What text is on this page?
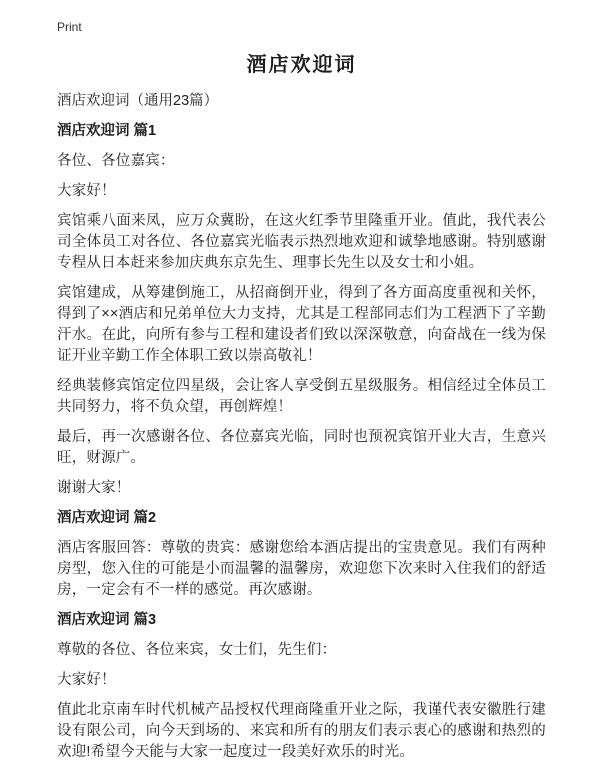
Print
酒店欢迎词
酒店欢迎词（通用23篇）
酒店欢迎词 篇1

各位、各位嘉宾：

大家好！

宾馆乘八面来凤，应万众冀盼，在这火红季节里隆重开业。值此，我代表公司全体员工对各位、各位嘉宾光临表示热烈地欢迎和诚挚地感谢。特别感谢专程从日本赶来参加庆典东京先生、理事长先生以及女士和小姐。

宾馆建成，从筹建倒施工，从招商倒开业，得到了各方面高度重视和关怀，得到了××酒店和兄弟单位大力支持，尤其是工程部同志们为工程洒下了辛勤汗水。在此，向所有参与工程和建设者们致以深深敬意，向奋战在一线为保证开业辛勤工作全体职工致以崇高敬礼！

经典装修宾馆定位四星级，会让客人享受倒五星级服务。相信经过全体员工共同努力，将不负众望，再创辉煌！

最后，再一次感谢各位、各位嘉宾光临，同时也预祝宾馆开业大吉，生意兴旺，财源广。

谢谢大家！

酒店欢迎词 篇2

酒店客服回答：尊敬的贵宾：感谢您给本酒店提出的宝贵意见。我们有两种房型，您入住的可能是小而温馨的温馨房，欢迎您下次来时入住我们的舒适房，一定会有不一样的感觉。再次感谢。

酒店欢迎词 篇3

尊敬的各位、各位来宾，女士们，先生们：

大家好！

值此北京南车时代机械产品授权代理商隆重开业之际，我谨代表安徽胜行建设有限公司，向今天到场的、来宾和所有的朋友们表示衷心的感谢和热烈的欢迎!希望今天能与大家一起度过一段美好欢乐的时光。
